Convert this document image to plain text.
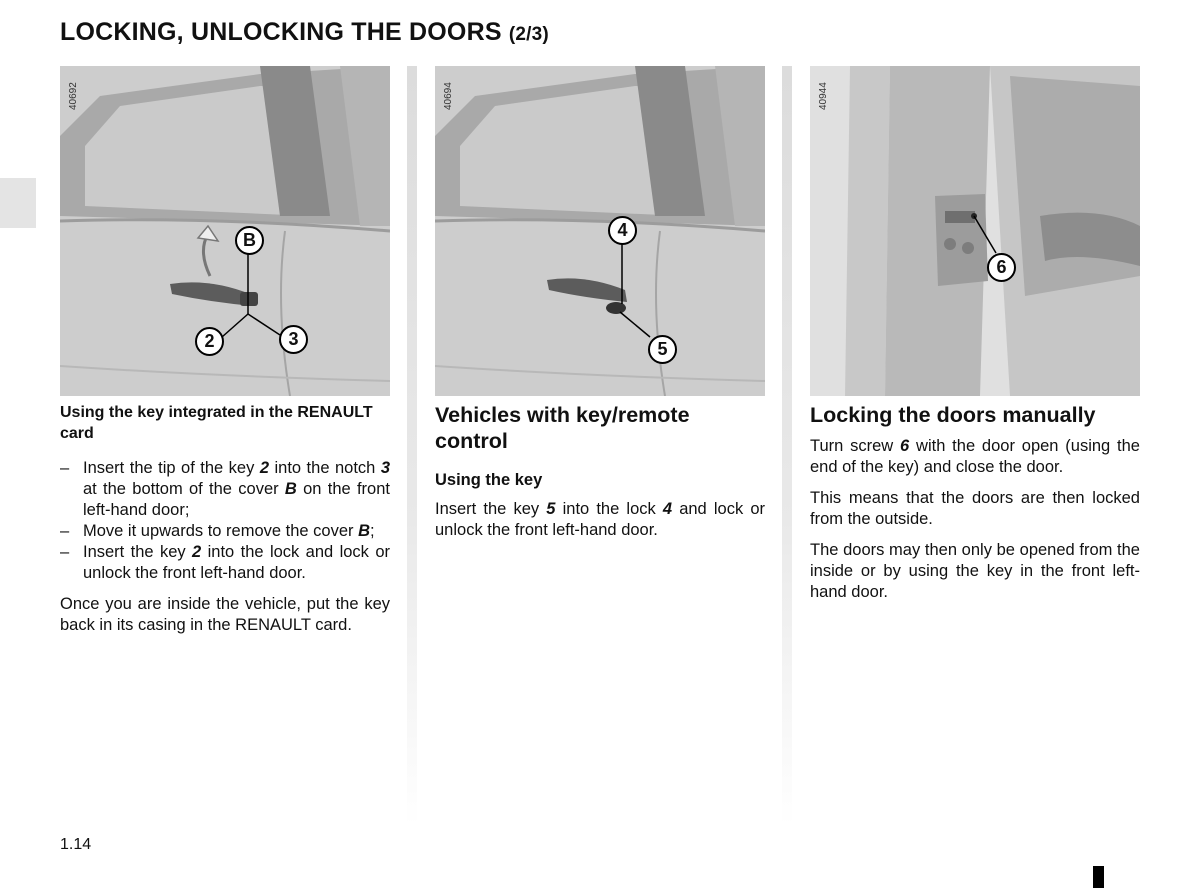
LOCKING, UNLOCKING THE DOORS (2/3)
40692
B
2	3
40694
4
5
40944
6
Using the key integrated in the RENAULT card
– Insert the tip of the key 2 into the notch 3 at the bottom of the cover B on the front left-hand door;
– Move it upwards to remove the cover B;
– Insert the key 2 into the lock and lock or unlock the front left-hand door.

Once you are inside the vehicle, put the key back in its casing in the RENAULT card.

Vehicles with key/remote control
Using the key

Insert the key 5 into the lock 4 and lock or unlock the front left-hand door.

Locking the doors manually

Turn screw 6 with the door open (using the end of the key) and close the door.

This means that the doors are then locked from the outside.

The doors may then only be opened from the inside or by using the key in the front left-hand door.

1.14
